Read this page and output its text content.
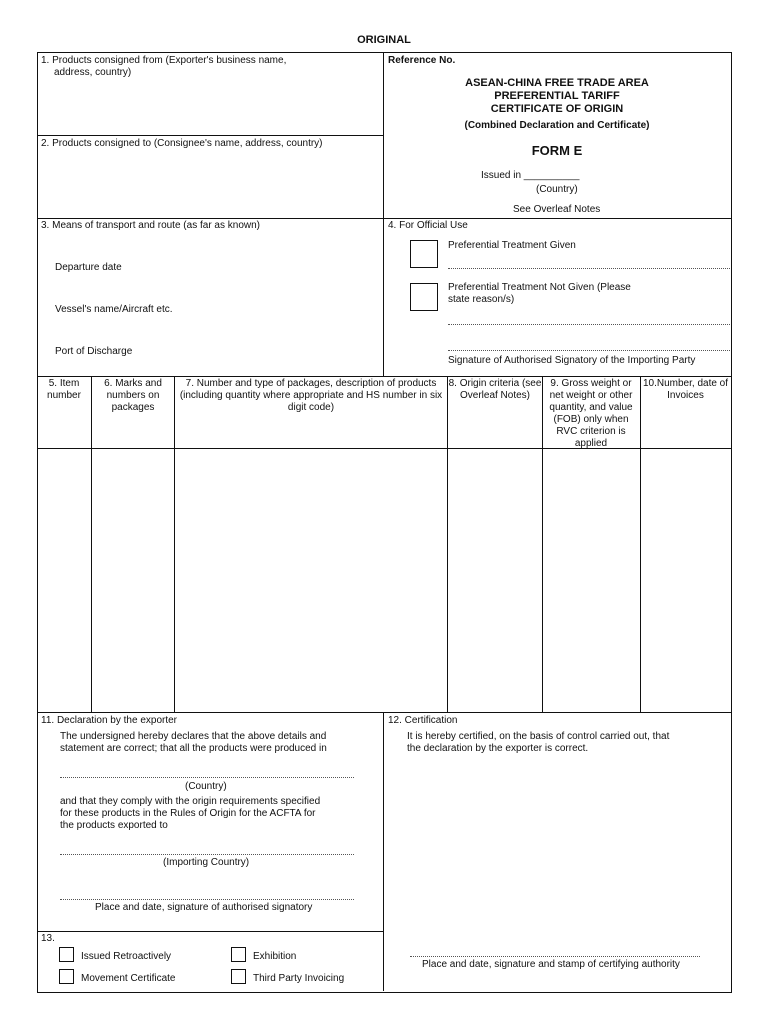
ORIGINAL
1. Products consigned from (Exporter's business name,
address, country)
2. Products consigned to (Consignee's name, address, country)
Reference No.
ASEAN-CHINA FREE TRADE AREA
PREFERENTIAL TARIFF
CERTIFICATE OF ORIGIN
(Combined Declaration and Certificate)
FORM E
Issued in __________
(Country)
See Overleaf Notes
3. Means of transport and route (as far as known)
Departure date
Vessel's name/Aircraft etc.
Port of Discharge
4. For Official Use
Preferential Treatment Given
Preferential Treatment Not Given (Please
state reason/s)
Signature of Authorised Signatory of the Importing Party
5. Item number
6. Marks and numbers on packages
7. Number and type of packages, description of products (including quantity where appropriate and HS number in six digit code)
8. Origin criteria (see Overleaf Notes)
9. Gross weight or net weight or other quantity, and value (FOB) only when RVC criterion is applied
10.Number, date of Invoices
11. Declaration by the exporter
The undersigned hereby declares that the above details and
statement are correct; that all the products were produced in
(Country)
and that they comply with the origin requirements specified
for these products in the Rules of Origin for the ACFTA for
the products exported to
(Importing Country)
Place and date, signature of authorised signatory
12. Certification
It is hereby certified, on the basis of control carried out, that
the declaration by the exporter is correct.
Place and date, signature and stamp of certifying authority
13.
Issued Retroactively	Exhibition
Movement Certificate	Third Party Invoicing
